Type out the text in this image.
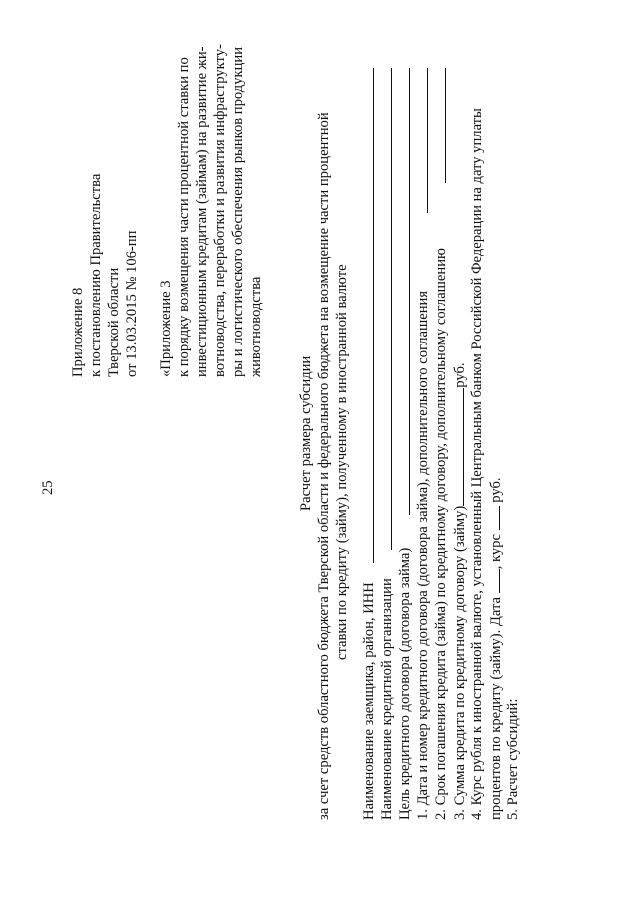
25
Приложение 8 к постановлению Правительства Тверской области от 13.03.2015 № 106-пп «Приложение 3 к порядку возмещения части процентной ставки по инвестиционным кредитам (займам) на развитие жи- вотноводства, переработки и развития инфраструкту- ры и логистического обеспечения рынков продукции животноводства
Расчет размера субсидии за счет средств областного бюджета Тверской области и федерального бюджета на возмещение части процентной ставки по кредиту (займу), полученному в иностранной валюте
Наименование заемщика, район, ИНН Наименование кредитной организации Цель кредитного договора (договора займа) 1. Дата и номер кредитного договора (договора займа), дополнительного соглашения 2. Срок погашения кредита (займа) по кредитному договору, дополнительному соглашению 3. Сумма кредита по кредитному договору (займу)руб. 4. Курс рубля к иностранной валюте, установленный Центральным банком Российской Федерации на дату уплаты процентов по кредиту (займу). Дата , курс  руб.
5. Расчет субсидий:
